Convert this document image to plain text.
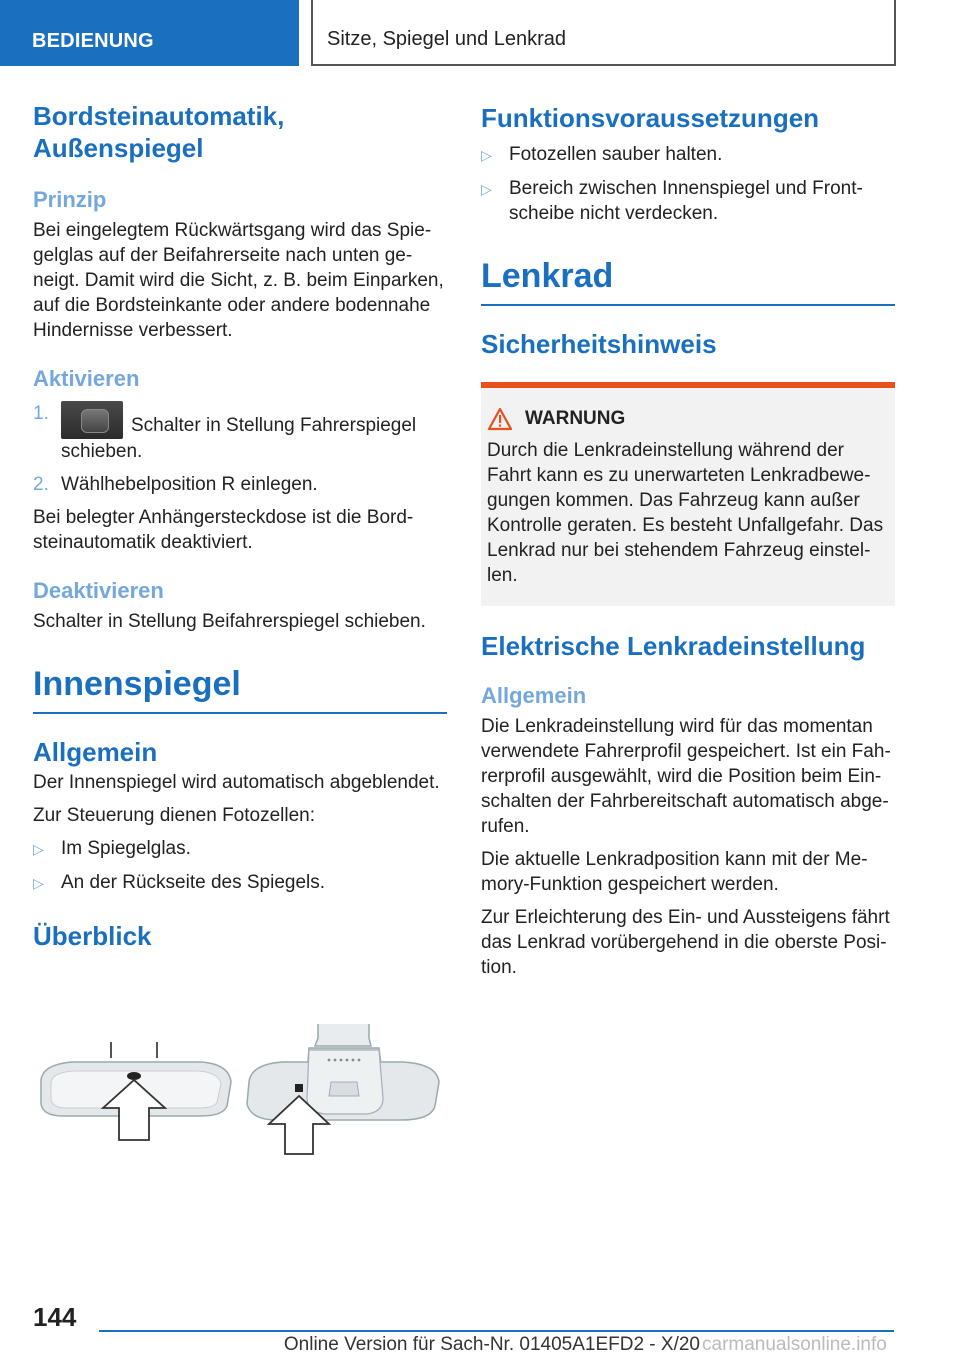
BEDIENUNG	Sitze, Spiegel und Lenkrad
Bordsteinautomatik, Außenspiegel
Prinzip
Bei eingelegtem Rückwärtsgang wird das Spiegelglas auf der Beifahrerseite nach unten geneigt. Damit wird die Sicht, z. B. beim Einparken, auf die Bordsteinkante oder andere bodennahe Hindernisse verbessert.
Aktivieren
1.
Schalter in Stellung Fahrerspiegel schieben.
2. Wählhebelposition R einlegen.
Bei belegter Anhängersteckdose ist die Bordsteinautomatik deaktiviert.
Deaktivieren
Schalter in Stellung Beifahrerspiegel schieben.
Innenspiegel
Allgemein
Der Innenspiegel wird automatisch abgeblendet.
Zur Steuerung dienen Fotozellen:
▷ Im Spiegelglas.
▷ An der Rückseite des Spiegels.
Überblick
Funktionsvoraussetzungen
▷ Fotozellen sauber halten.
▷ Bereich zwischen Innenspiegel und Frontscheibe nicht verdecken.
Lenkrad
Sicherheitshinweis
WARNUNG
Durch die Lenkradeinstellung während der Fahrt kann es zu unerwarteten Lenkradbewegungen kommen. Das Fahrzeug kann außer Kontrolle geraten. Es besteht Unfallgefahr. Das Lenkrad nur bei stehendem Fahrzeug einstellen.
Elektrische Lenkradeinstellung
Allgemein
Die Lenkradeinstellung wird für das momentan verwendete Fahrerprofil gespeichert. Ist ein Fahrerprofil ausgewählt, wird die Position beim Einschalten der Fahrbereitschaft automatisch abgerufen.
Die aktuelle Lenkradposition kann mit der Memory-Funktion gespeichert werden.
Zur Erleichterung des Ein- und Aussteigens fährt das Lenkrad vorübergehend in die oberste Position.
144
Online Version für Sach-Nr. 01405A1EFD2 - X/20 carmanualsonline.info
